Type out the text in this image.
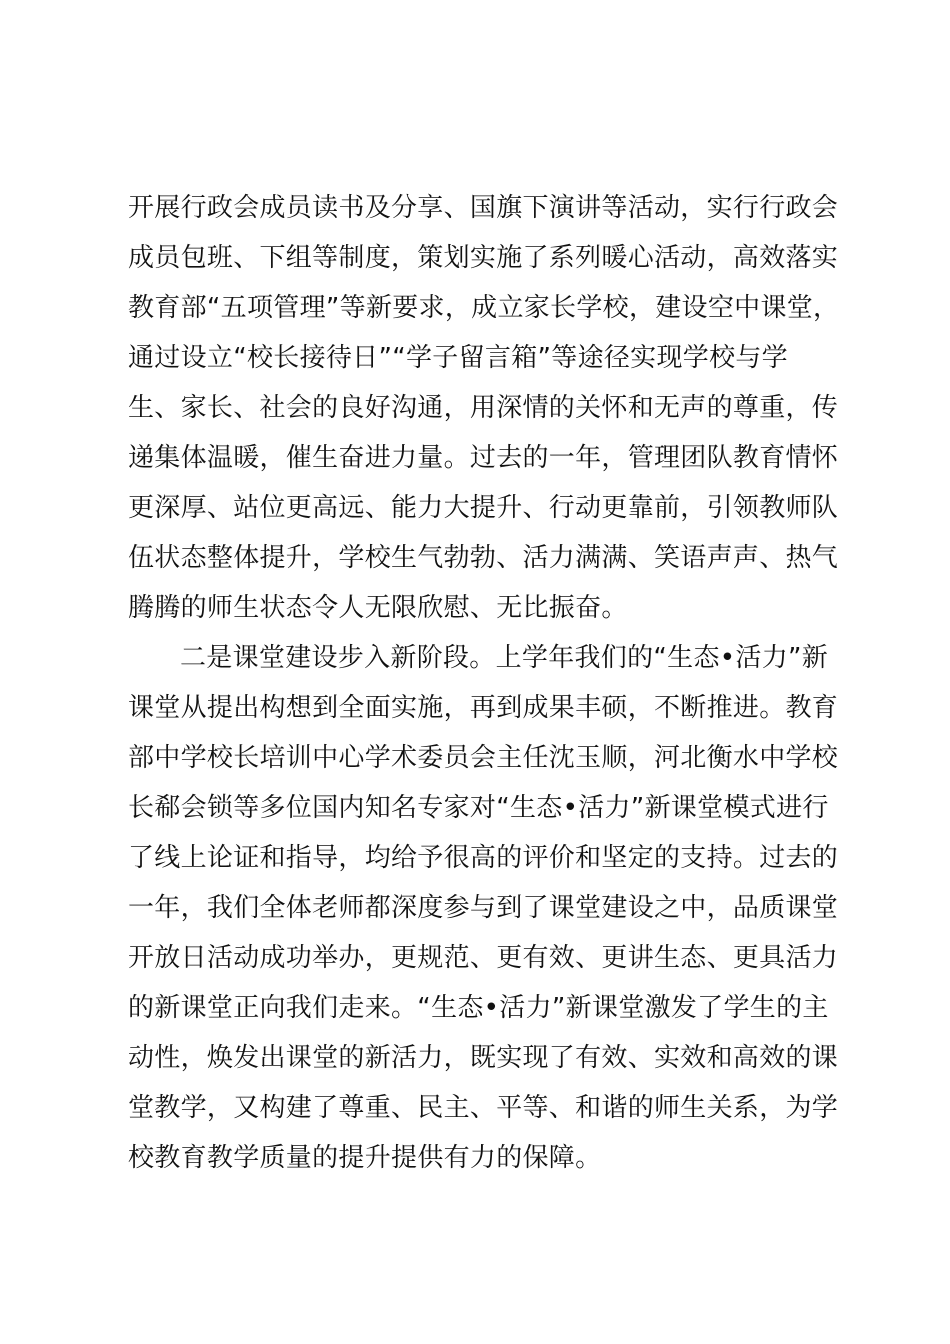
开展行政会成员读书及分享、国旗下演讲等活动，实行行政会
成员包班、下组等制度，策划实施了系列暖心活动，高效落实
教育部“五项管理”等新要求，成立家长学校，建设空中课堂，
通过设立“校长接待日”“学子留言箱”等途径实现学校与学
生、家长、社会的良好沟通，用深情的关怀和无声的尊重，传
递集体温暖，催生奋进力量。过去的一年，管理团队教育情怀
更深厚、站位更高远、能力大提升、行动更靠前，引领教师队
伍状态整体提升，学校生气勃勃、活力满满、笑语声声、热气
腾腾的师生状态令人无限欣慰、无比振奋。
二是课堂建设步入新阶段。上学年我们的“生态•活力”新
课堂从提出构想到全面实施，再到成果丰硕，不断推进。教育
部中学校长培训中心学术委员会主任沈玉顺，河北衡水中学校
长郗会锁等多位国内知名专家对“生态•活力”新课堂模式进行
了线上论证和指导，均给予很高的评价和坚定的支持。过去的
一年，我们全体老师都深度参与到了课堂建设之中，品质课堂
开放日活动成功举办，更规范、更有效、更讲生态、更具活力
的新课堂正向我们走来。“生态•活力”新课堂激发了学生的主
动性，焕发出课堂的新活力，既实现了有效、实效和高效的课
堂教学，又构建了尊重、民主、平等、和谐的师生关系，为学
校教育教学质量的提升提供有力的保障。
